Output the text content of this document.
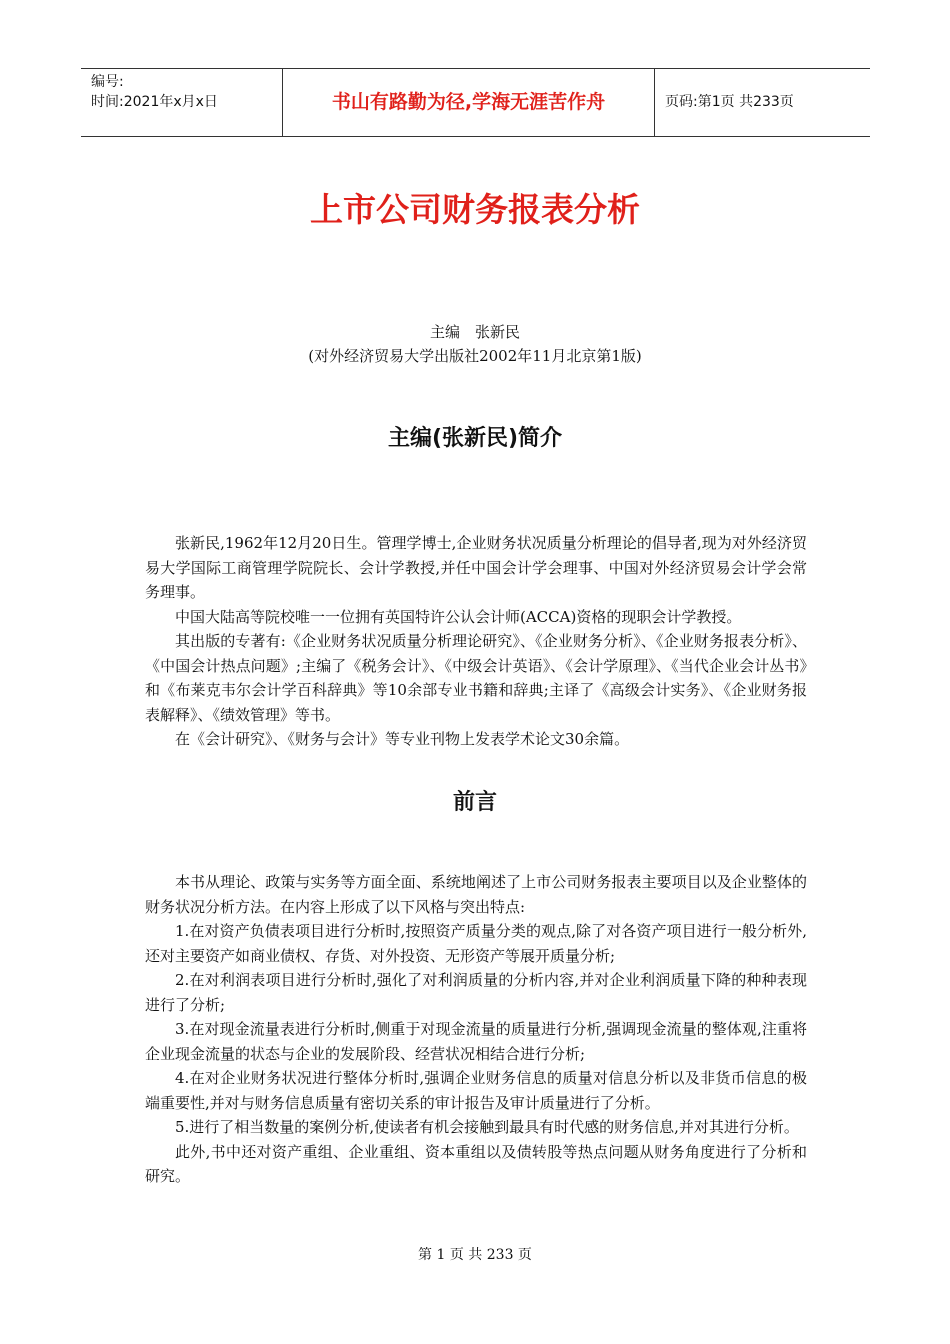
编号:
时间:2021年x月x日	书山有路勤为径,学海无涯苦作舟	页码:第1页 共233页
上市公司财务报表分析
主编　张新民
(对外经济贸易大学出版社2002年11月北京第1版)
主编(张新民)简介

张新民,1962年12月20日生。管理学博士,企业财务状况质量分析理论的倡导者,现为对外经济贸易大学国际工商管理学院院长、会计学教授,并任中国会计学会理事、中国对外经济贸易会计学会常务理事。

中国大陆高等院校唯一一位拥有英国特许公认会计师(ACCA)资格的现职会计学教授。

其出版的专著有:《企业财务状况质量分析理论研究》、《企业财务分析》、《企业财务报表分析》、《中国会计热点问题》;主编了《税务会计》、《中级会计英语》、《会计学原理》、《当代企业会计丛书》和《布莱克韦尔会计学百科辞典》等10余部专业书籍和辞典;主译了《高级会计实务》、《企业财务报表解释》、《绩效管理》等书。

在《会计研究》、《财务与会计》等专业刊物上发表学术论文30余篇。

前言

本书从理论、政策与实务等方面全面、系统地阐述了上市公司财务报表主要项目以及企业整体的财务状况分析方法。在内容上形成了以下风格与突出特点:

1.在对资产负债表项目进行分析时,按照资产质量分类的观点,除了对各资产项目进行一般分析外,还对主要资产如商业债权、存货、对外投资、无形资产等展开质量分析;

2.在对利润表项目进行分析时,强化了对利润质量的分析内容,并对企业利润质量下降的种种表现进行了分析;

3.在对现金流量表进行分析时,侧重于对现金流量的质量进行分析,强调现金流量的整体观,注重将企业现金流量的状态与企业的发展阶段、经营状况相结合进行分析;

4.在对企业财务状况进行整体分析时,强调企业财务信息的质量对信息分析以及非货币信息的极端重要性,并对与财务信息质量有密切关系的审计报告及审计质量进行了分析。

5.进行了相当数量的案例分析,使读者有机会接触到最具有时代感的财务信息,并对其进行分析。

此外,书中还对资产重组、企业重组、资本重组以及债转股等热点问题从财务角度进行了分析和研究。

第 1 页 共 233 页
